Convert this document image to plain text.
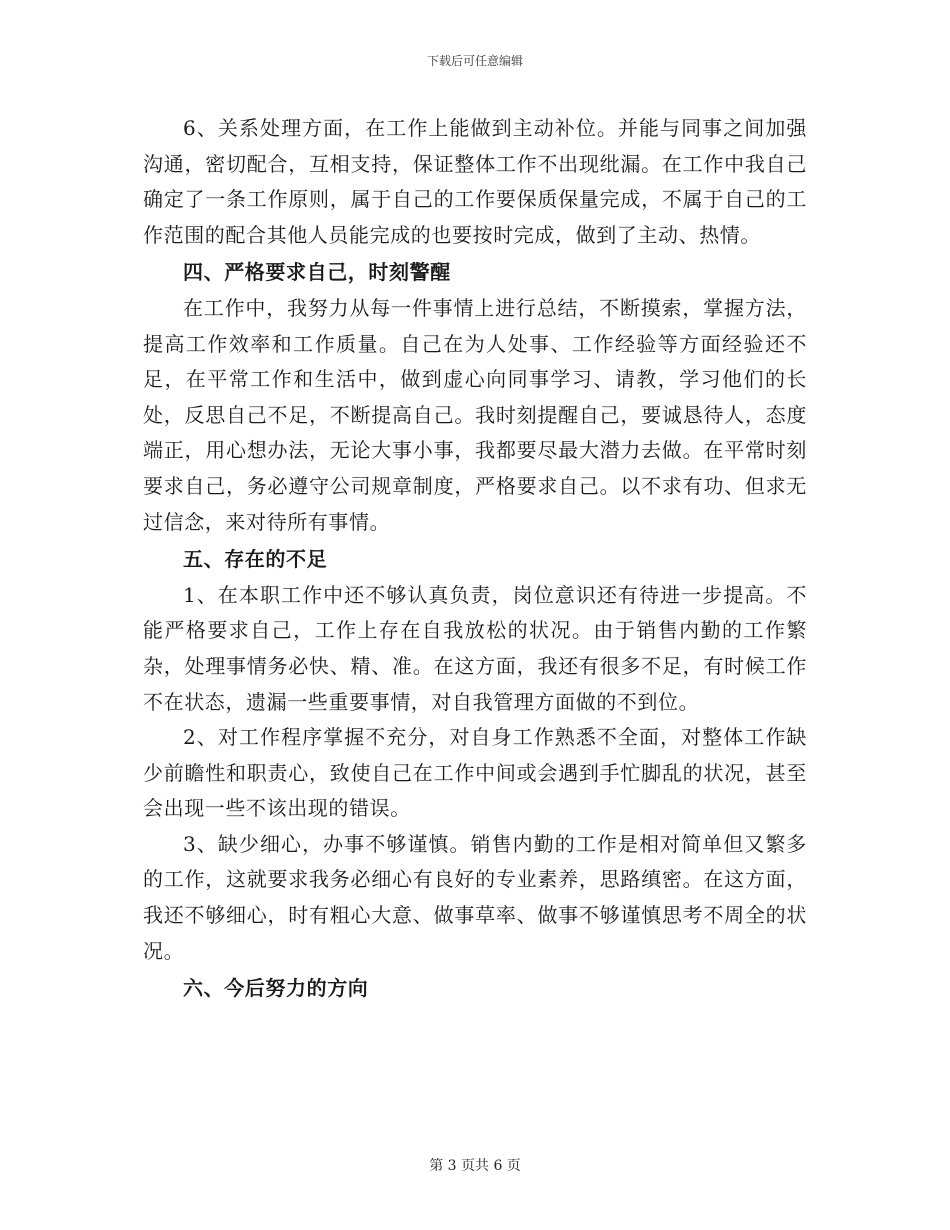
下载后可任意编辑

6、关系处理方面，在工作上能做到主动补位。并能与同事之间加强沟通，密切配合，互相支持，保证整体工作不出现纰漏。在工作中我自己确定了一条工作原则，属于自己的工作要保质保量完成，不属于自己的工作范围的配合其他人员能完成的也要按时完成，做到了主动、热情。

四、严格要求自己，时刻警醒

在工作中，我努力从每一件事情上进行总结，不断摸索，掌握方法，提高工作效率和工作质量。自己在为人处事、工作经验等方面经验还不足，在平常工作和生活中，做到虚心向同事学习、请教，学习他们的长处，反思自己不足，不断提高自己。我时刻提醒自己，要诚恳待人，态度端正，用心想办法，无论大事小事，我都要尽最大潜力去做。在平常时刻要求自己，务必遵守公司规章制度，严格要求自己。以不求有功、但求无过信念，来对待所有事情。

五、存在的不足

1、在本职工作中还不够认真负责，岗位意识还有待进一步提高。不能严格要求自己，工作上存在自我放松的状况。由于销售内勤的工作繁杂，处理事情务必快、精、准。在这方面，我还有很多不足，有时候工作不在状态，遗漏一些重要事情，对自我管理方面做的不到位。

2、对工作程序掌握不充分，对自身工作熟悉不全面，对整体工作缺少前瞻性和职责心，致使自己在工作中间或会遇到手忙脚乱的状况，甚至会出现一些不该出现的错误。

3、缺少细心，办事不够谨慎。销售内勤的工作是相对简单但又繁多的工作，这就要求我务必细心有良好的专业素养，思路缜密。在这方面，我还不够细心，时有粗心大意、做事草率、做事不够谨慎思考不周全的状况。

六、今后努力的方向

第 3 页共 6 页
